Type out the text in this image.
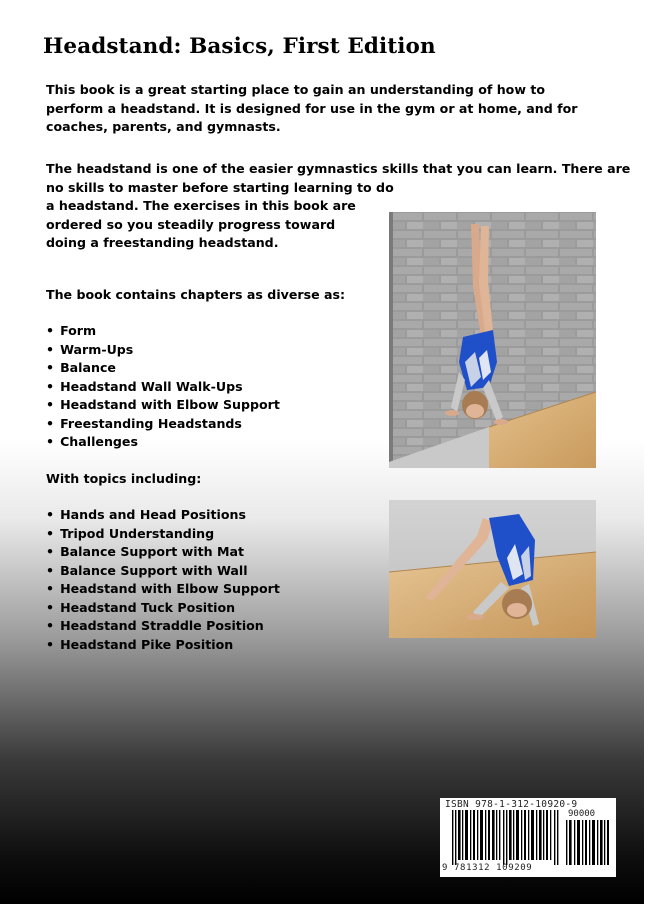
Headstand: Basics, First Edition

This book is a great starting place to gain an understanding of how to perform a headstand. It is designed for use in the gym or at home, and for coaches, parents, and gymnasts.

The headstand is one of the easier gymnastics skills that you can learn. There are
no skills to master before starting learning to do
a headstand. The exercises in this book are
ordered so you steadily progress toward
doing a freestanding headstand.

The book contains chapters as diverse as:

• Form
• Warm-Ups
• Balance
• Headstand Wall Walk-Ups
• Headstand with Elbow Support
• Freestanding Headstands
• Challenges

With topics including:

• Hands and Head Positions
• Tripod Understanding
• Balance Support with Mat
• Balance Support with Wall
• Headstand with Elbow Support
• Headstand Tuck Position
• Headstand Straddle Position
• Headstand Pike Position
ISBN 978-1-312-10920-9
90000
9 781312 109209
